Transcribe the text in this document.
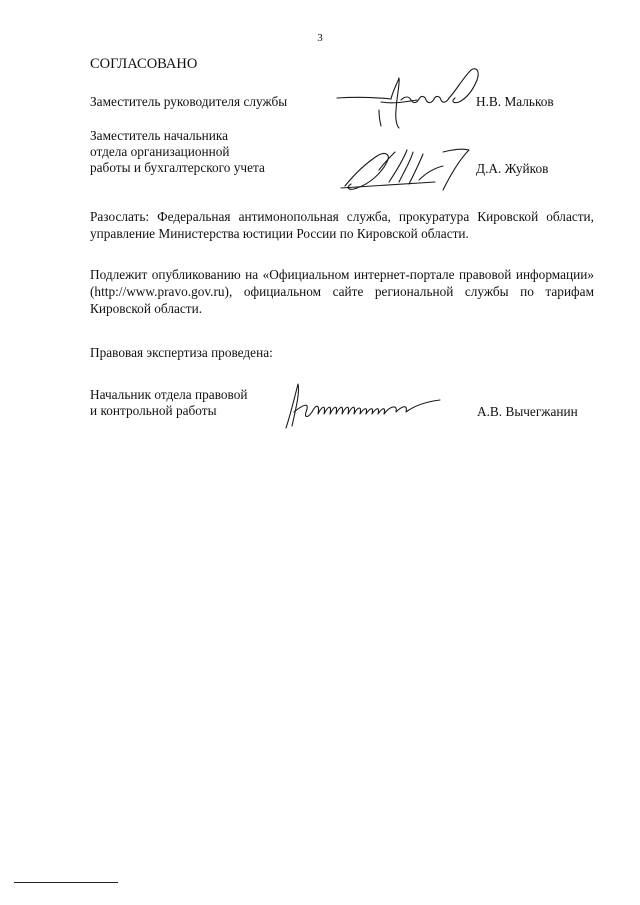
3
СОГЛАСОВАНО
Заместитель руководителя службы	Н.В. Мальков
Заместитель начальника
отдела организационной
работы и бухгалтерского учета	Д.А. Жуйков
Разослать: Федеральная антимонопольная служба, прокуратура Кировской области, управление Министерства юстиции России по Кировской области.
Подлежит опубликованию на «Официальном интернет-портале правовой информации» (http://www.pravo.gov.ru), официальном сайте региональной службы по тарифам Кировской области.
Правовая экспертиза проведена:
Начальник отдела правовой
и контрольной работы	А.В. Вычегжанин
